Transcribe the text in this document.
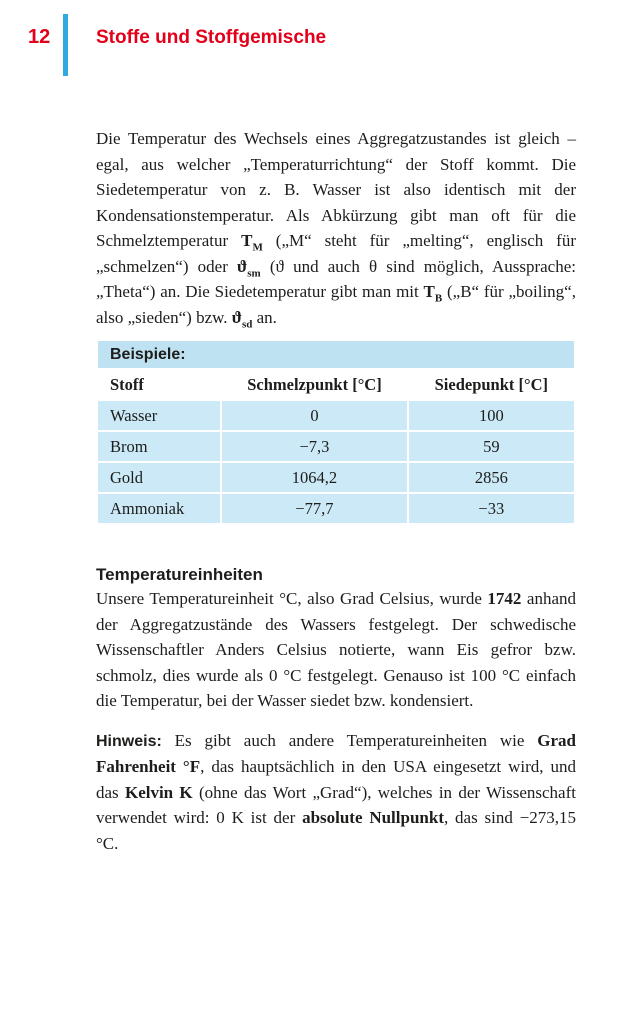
12 Stoffe und Stoffgemische

Die Temperatur des Wechsels eines Aggregatzustandes ist gleich – egal, aus welcher „Temperaturrichtung“ der Stoff kommt. Die Siedetemperatur von z. B. Wasser ist also identisch mit der Kondensationstemperatur. Als Abkürzung gibt man oft für die Schmelztemperatur $T_M$ („M“ steht für „melting“, englisch für „schmelzen“) oder $ϑ_{sm}$ (ϑ und auch θ sind möglich, Aussprache: „Theta“) an. Die Siedetemperatur gibt man mit $T_B$ („B“ für „boiling“, also „sieden“) bzw. $ϑ_{sd}$ an.

Beispiele:		
Stoff	Schmelzpunkt [°C]	Siedepunkt [°C]
Wasser	0	100
Brom	−7,3	59
Gold	1064,2	2856
Ammoniak	−77,7	−33
Temperatureinheiten

Unsere Temperatureinheit °C, also Grad Celsius, wurde 1742 anhand der Aggregatzustände des Wassers festgelegt. Der schwedische Wissenschaftler Anders Celsius notierte, wann Eis gefror bzw. schmolz, dies wurde als 0 °C festgelegt. Genauso ist 100 °C einfach die Temperatur, bei der Wasser siedet bzw. kondensiert.

Hinweis: Es gibt auch andere Temperatureinheiten wie Grad Fahrenheit °F, das hauptsächlich in den USA eingesetzt wird, und das Kelvin K (ohne das Wort „Grad“), welches in der Wissenschaft verwendet wird: 0 K ist der absolute Nullpunkt, das sind −273,15 °C.
